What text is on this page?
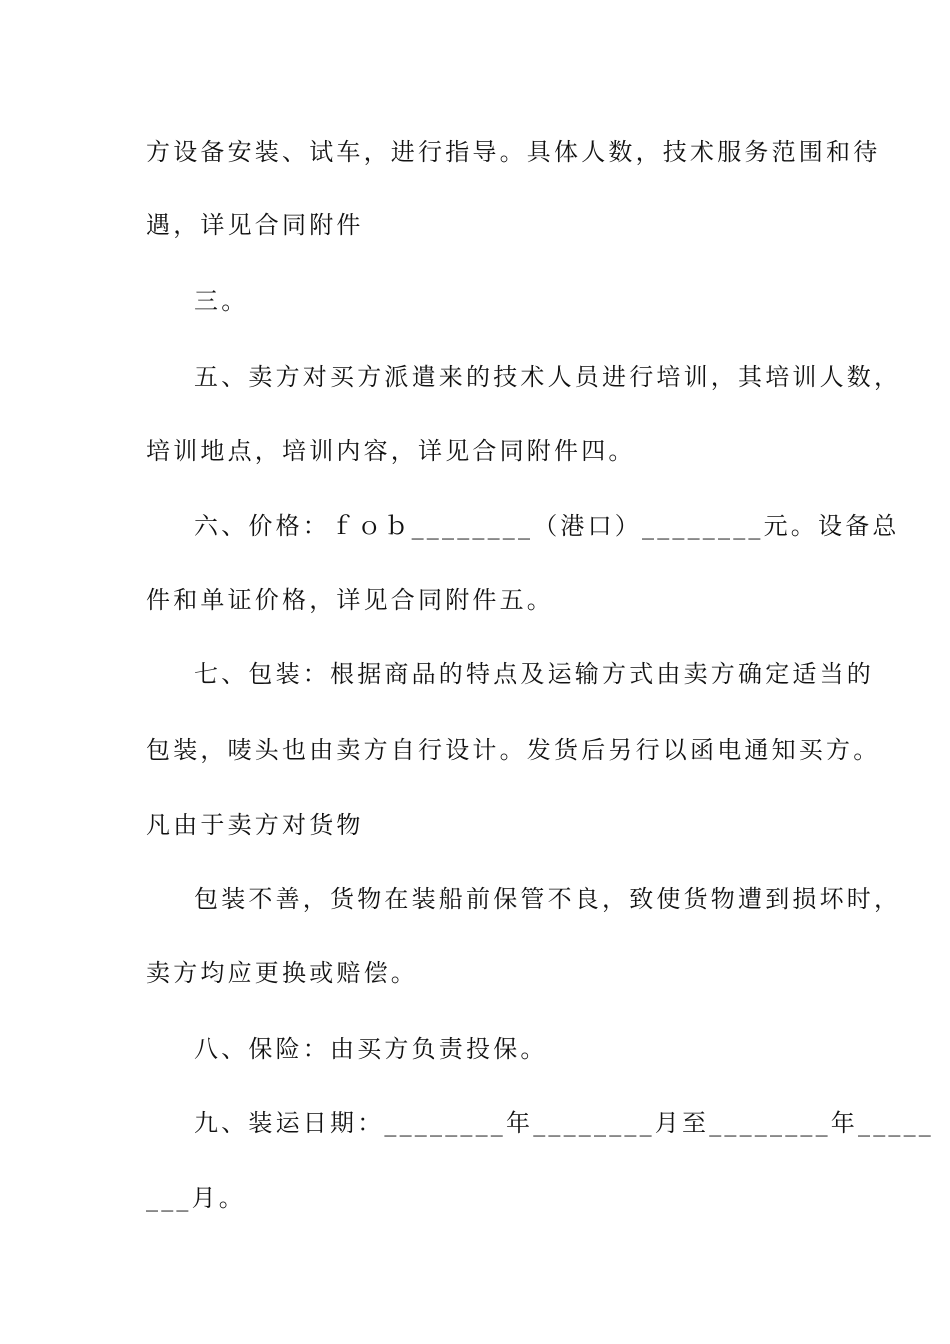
方设备安装、试车，进行指导。具体人数，技术服务范围和待
遇，详见合同附件
三。
五、卖方对买方派遣来的技术人员进行培训，其培训人数，
培训地点，培训内容，详见合同附件四。
六、价格：ｆｏｂ________（港口）________元。设备总
件和单证价格，详见合同附件五。
七、包装：根据商品的特点及运输方式由卖方确定适当的
包装，唛头也由卖方自行设计。发货后另行以函电通知买方。
凡由于卖方对货物
包装不善，货物在装船前保管不良，致使货物遭到损坏时，
卖方均应更换或赔偿。
八、保险：由买方负责投保。
九、装运日期：________年________月至________年_____
___月。
